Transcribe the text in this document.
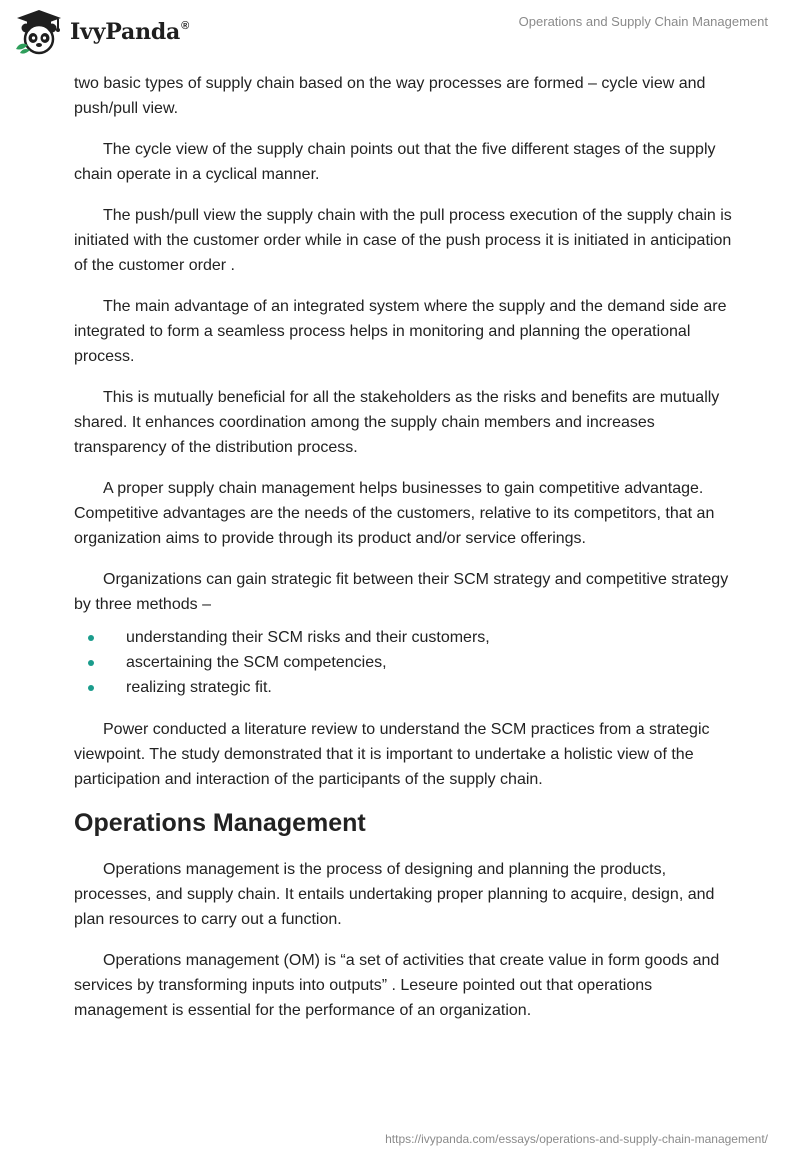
IvyPanda®	Operations and Supply Chain Management

two basic types of supply chain based on the way processes are formed – cycle view and push/pull view.

The cycle view of the supply chain points out that the five different stages of the supply chain operate in a cyclical manner.

The push/pull view the supply chain with the pull process execution of the supply chain is initiated with the customer order while in case of the push process it is initiated in anticipation of the customer order .

The main advantage of an integrated system where the supply and the demand side are integrated to form a seamless process helps in monitoring and planning the operational process.

This is mutually beneficial for all the stakeholders as the risks and benefits are mutually shared. It enhances coordination among the supply chain members and increases transparency of the distribution process.

A proper supply chain management helps businesses to gain competitive advantage. Competitive advantages are the needs of the customers, relative to its competitors, that an organization aims to provide through its product and/or service offerings.

Organizations can gain strategic fit between their SCM strategy and competitive strategy by three methods –

understanding their SCM risks and their customers,
ascertaining the SCM competencies,
realizing strategic fit.

Power conducted a literature review to understand the SCM practices from a strategic viewpoint. The study demonstrated that it is important to undertake a holistic view of the participation and interaction of the participants of the supply chain.

Operations Management

Operations management is the process of designing and planning the products, processes, and supply chain. It entails undertaking proper planning to acquire, design, and plan resources to carry out a function.

Operations management (OM) is “a set of activities that create value in form goods and services by transforming inputs into outputs” . Leseure pointed out that operations management is essential for the performance of an organization.

https://ivypanda.com/essays/operations-and-supply-chain-management/
